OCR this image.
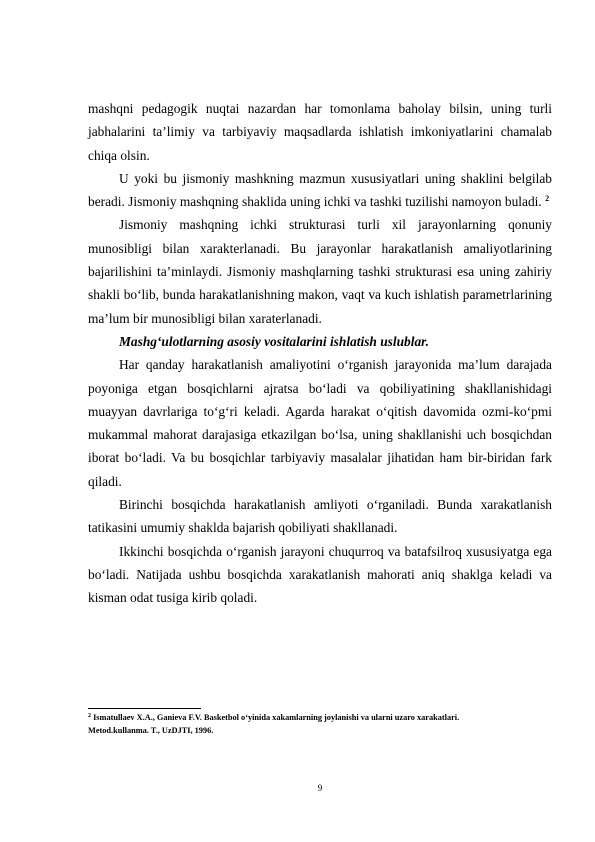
mashqni pedagogik nuqtai nazardan har tomonlama baholay bilsin, uning turli jabhalarini ta’limiy va tarbiyaviy maqsadlarda ishlatish imkoniyatlarini chamalab chiqa olsin.

U yoki bu jismoniy mashkning mazmun xususiyatlari uning shaklini belgilab beradi. Jismoniy mashqning shaklida uning ichki va tashki tuzilishi namoyon buladi. $^2$

Jismoniy mashqning ichki strukturasi turli xil jarayonlarning qonuniy munosibligi bilan xarakterlanadi. Bu jarayonlar harakatlanish amaliyotlarining bajarilishini ta’minlaydi. Jismoniy mashqlarning tashki strukturasi esa uning zahiriy shakli bo‘lib, bunda harakatlanishning makon, vaqt va kuch ishlatish parametrlarining ma’lum bir munosibligi bilan xaraterlanadi.

Mashg‘ulotlarning asosiy vositalarini ishlatish uslublar.

Har qanday harakatlanish amaliyotini o‘rganish jarayonida ma’lum darajada poyoniga etgan bosqichlarni ajratsa bo‘ladi va qobiliyatining shakllanishidagi muayyan davrlariga to‘g‘ri keladi. Agarda harakat o‘qitish davomida ozmi-ko‘pmi mukammal mahorat darajasiga etkazilgan bo‘lsa, uning shakllanishi uch bosqichdan iborat bo‘ladi. Va bu bosqichlar tarbiyaviy masalalar jihatidan ham bir-biridan fark qiladi.

Birinchi bosqichda harakatlanish amliyoti o‘rganiladi. Bunda xarakatlanish tatikasini umumiy shaklda bajarish qobiliyati shakllanadi.

Ikkinchi bosqichda o‘rganish jarayoni chuqurroq va batafsilroq xususiyatga ega bo‘ladi. Natijada ushbu bosqichda xarakatlanish mahorati aniq shaklga keladi va kisman odat tusiga kirib qoladi.

$^2$ Ismatullaev X.A., Ganieva F.V. Basketbol o‘yinida xakamlarning joylanishi va ularni uzaro xarakatlari.
Metod.kullanma. T., UzDJTI, 1996.
9
